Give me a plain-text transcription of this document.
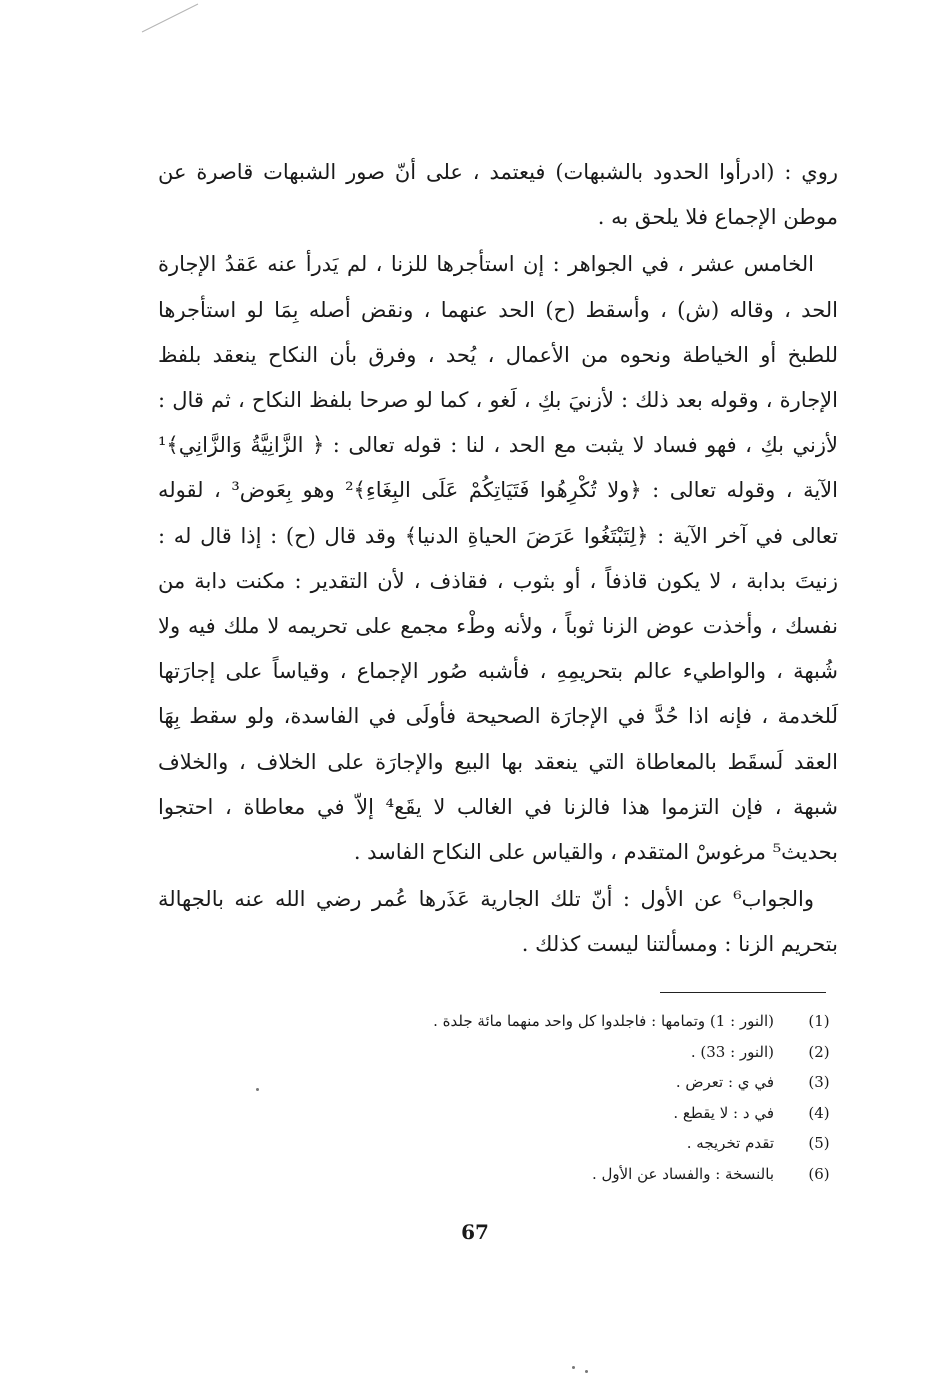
روي : (ادرأوا الحدود بالشبهات) فيعتمد ، على أنّ صور الشبهات قاصرة عن موطن الإجماع فلا يلحق به .

الخامس عشر ، في الجواهر : إن استأجرها للزنا ، لم يَدرأ عنه عَقدُ الإجارة الحد ، وقاله (ش) ، وأسقط (ح) الحد عنهما ، ونقض أصله بِمَا لو استأجرها للطبخ أو الخياطة ونحوه من الأعمال ، يُحد ، وفرق بأن النكاح ينعقد بلفظ الإجارة ، وقوله بعد ذلك : لأزنيَ بكِ ، لَغو ، كما لو صرحا بلفظ النكاح ، ثم قال : لأزني بكِ ، فهو فساد لا يثبت مع الحد ، لنا : قوله تعالى : ﴿ الزَّانِيَّةُ وَالزَّانِي﴾¹ الآية ، وقوله تعالى : ﴿ولا تُكْرِهُوا فَتَيَاتِكُمْ عَلَى البِغَاءِ﴾² وهو بِعَوض³ ، لقوله تعالى في آخر الآية : ﴿لِتَبْتَغُوا عَرَضَ الحياةِ الدنيا﴾ وقد قال (ح) : إذا قال له : زنيتَ بدابة ، لا يكون قاذفاً ، أو بثوب ، فقاذف ، لأن التقدير : مكنت دابة من نفسك ، وأخذت عوض الزنا ثوباً ، ولأنه وطْء مجمع على تحريمه لا ملك فيه ولا شُبهة ، والواطيء عالم بتحريمِهِ ، فأشبه صُور الإجماع ، وقياساً على إجارَتها لَلخدمة ، فإنه اذا حُدَّ في الإجارَة الصحيحة فأولَى في الفاسدة، ولو سقط بِهَا العقد لَسقَط بالمعاطاة التي ينعقد بها البيع والإجارَة على الخلاف ، والخلاف شبهة ، فإن التزموا هذا فالزنا في الغالب لا يقَع⁴ إلاّ في معاطاة ، احتجوا بحديث⁵ مرغوسْ المتقدم ، والقياس على النكاح الفاسد .

والجواب⁶ عن الأول : أنّ تلك الجارية عَذَرها عُمر رضي الله عنه بالجهالة بتحريم الزنا : ومسألتنا ليست كذلك .

(1)
(النور : 1) وتمامها : فاجلدوا كل واحد منهما مائة جلدة .
(2)
(النور : 33) .
(3)
في ي : تعرض .
(4)
في د : لا يقطع .
(5)
تقدم تخريجه .
(6)
بالنسخة : والفساد عن الأول .
67
